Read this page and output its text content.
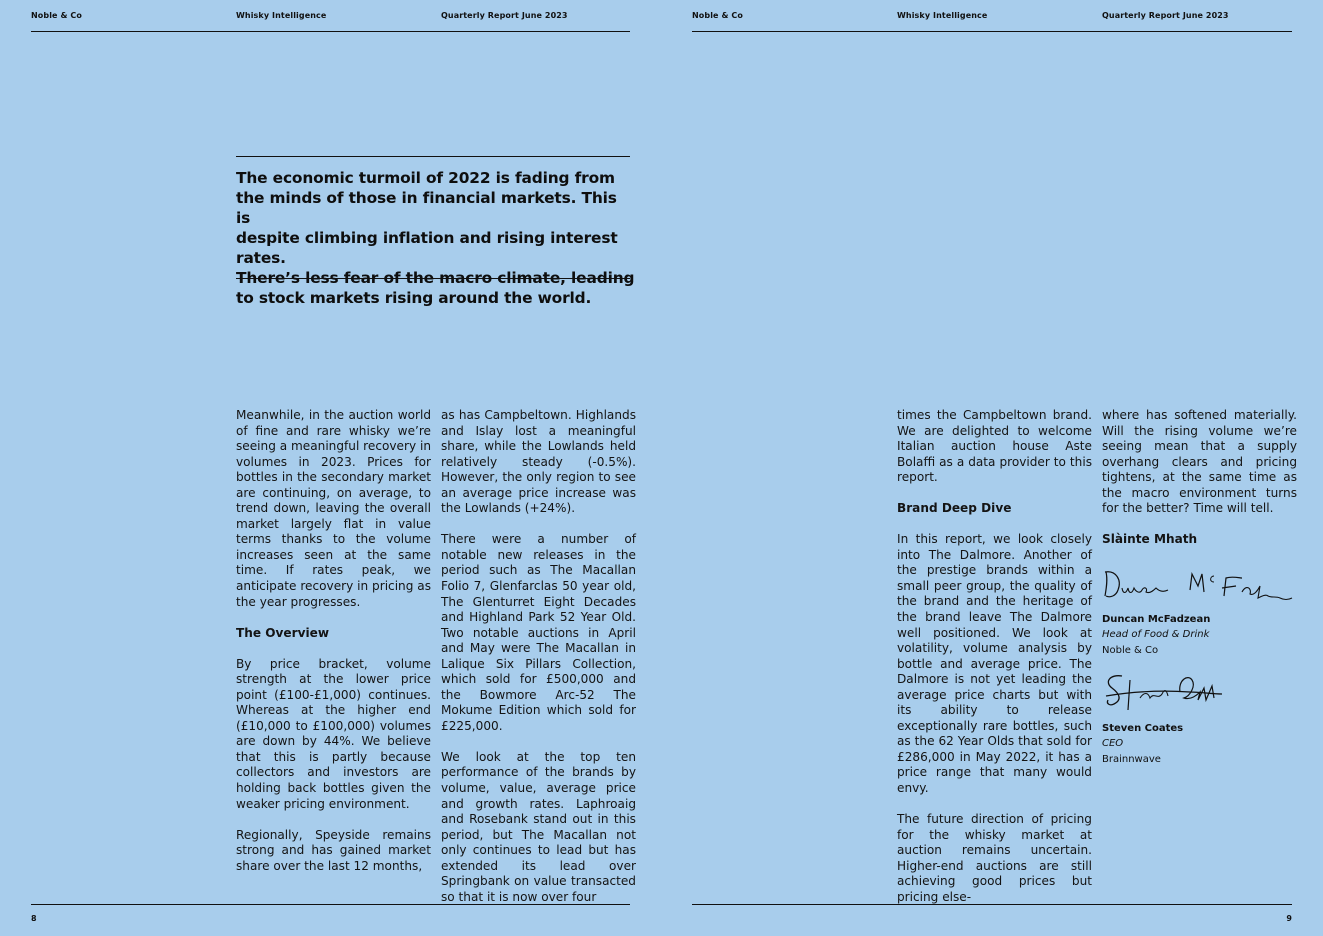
Noble & Co	Whisky Intelligence	Quarterly Report June 2023	Noble & Co	Whisky Intelligence	Quarterly Report June 2023
The economic turmoil of 2022 is fading from
the minds of those in financial markets. This is
despite climbing inflation and rising interest rates.
There’s less fear of the macro climate, leading
to stock markets rising around the world.

Meanwhile, in the auction world of fine and rare whisky we’re seeing a meaningful recovery in volumes in 2023. Prices for bottles in the secondary market are continuing, on average, to trend down, leaving the overall market largely flat in value terms thanks to the volume increases seen at the same time. If rates peak, we anticipate recovery in pricing as the year progresses.

The Overview

By price bracket, volume strength at the lower price point (£100-£1,000) continues. Whereas at the higher end (£10,000 to £100,000) volumes are down by 44%. We believe that this is partly because collectors and investors are holding back bottles given the weaker pricing environment.

Regionally, Speyside remains strong and has gained market share over the last 12 months,

as has Campbeltown. Highlands and Islay lost a meaningful share, while the Lowlands held relatively steady (-0.5%). However, the only region to see an average price increase was the Lowlands (+24%).

There were a number of notable new releases in the period such as The Macallan Folio 7, Glenfarclas 50 year old, The Glenturret Eight Decades and Highland Park 52 Year Old. Two notable auctions in April and May were The Macallan in Lalique Six Pillars Collection, which sold for £500,000 and the Bowmore Arc-52 The Mokume Edition which sold for £225,000.

We look at the top ten performance of the brands by volume, value, average price and growth rates. Laphroaig and Rosebank stand out in this period, but The Macallan not only continues to lead but has extended its lead over Springbank on value transacted so that it is now over four

times the Campbeltown brand. We are delighted to welcome Italian auction house Aste Bolaffi as a data provider to this report.

Brand Deep Dive

In this report, we look closely into The Dalmore. Another of the prestige brands within a small peer group, the quality of the brand and the heritage of the brand leave The Dalmore well positioned. We look at volatility, volume analysis by bottle and average price. The Dalmore is not yet leading the average price charts but with its ability to release exceptionally rare bottles, such as the 62 Year Olds that sold for £286,000 in May 2022, it has a price range that many would envy.

The future direction of pricing for the whisky market at auction remains uncertain. Higher-end auctions are still achieving good prices but pricing else-

where has softened materially. Will the rising volume we’re seeing mean that a supply overhang clears and pricing tightens, at the same time as the macro environment turns for the better? Time will tell.

Slàinte Mhath
Duncan McFadzean
Head of Food & Drink
Noble & Co
Steven Coates
CEO
Brainnwave
8	9
